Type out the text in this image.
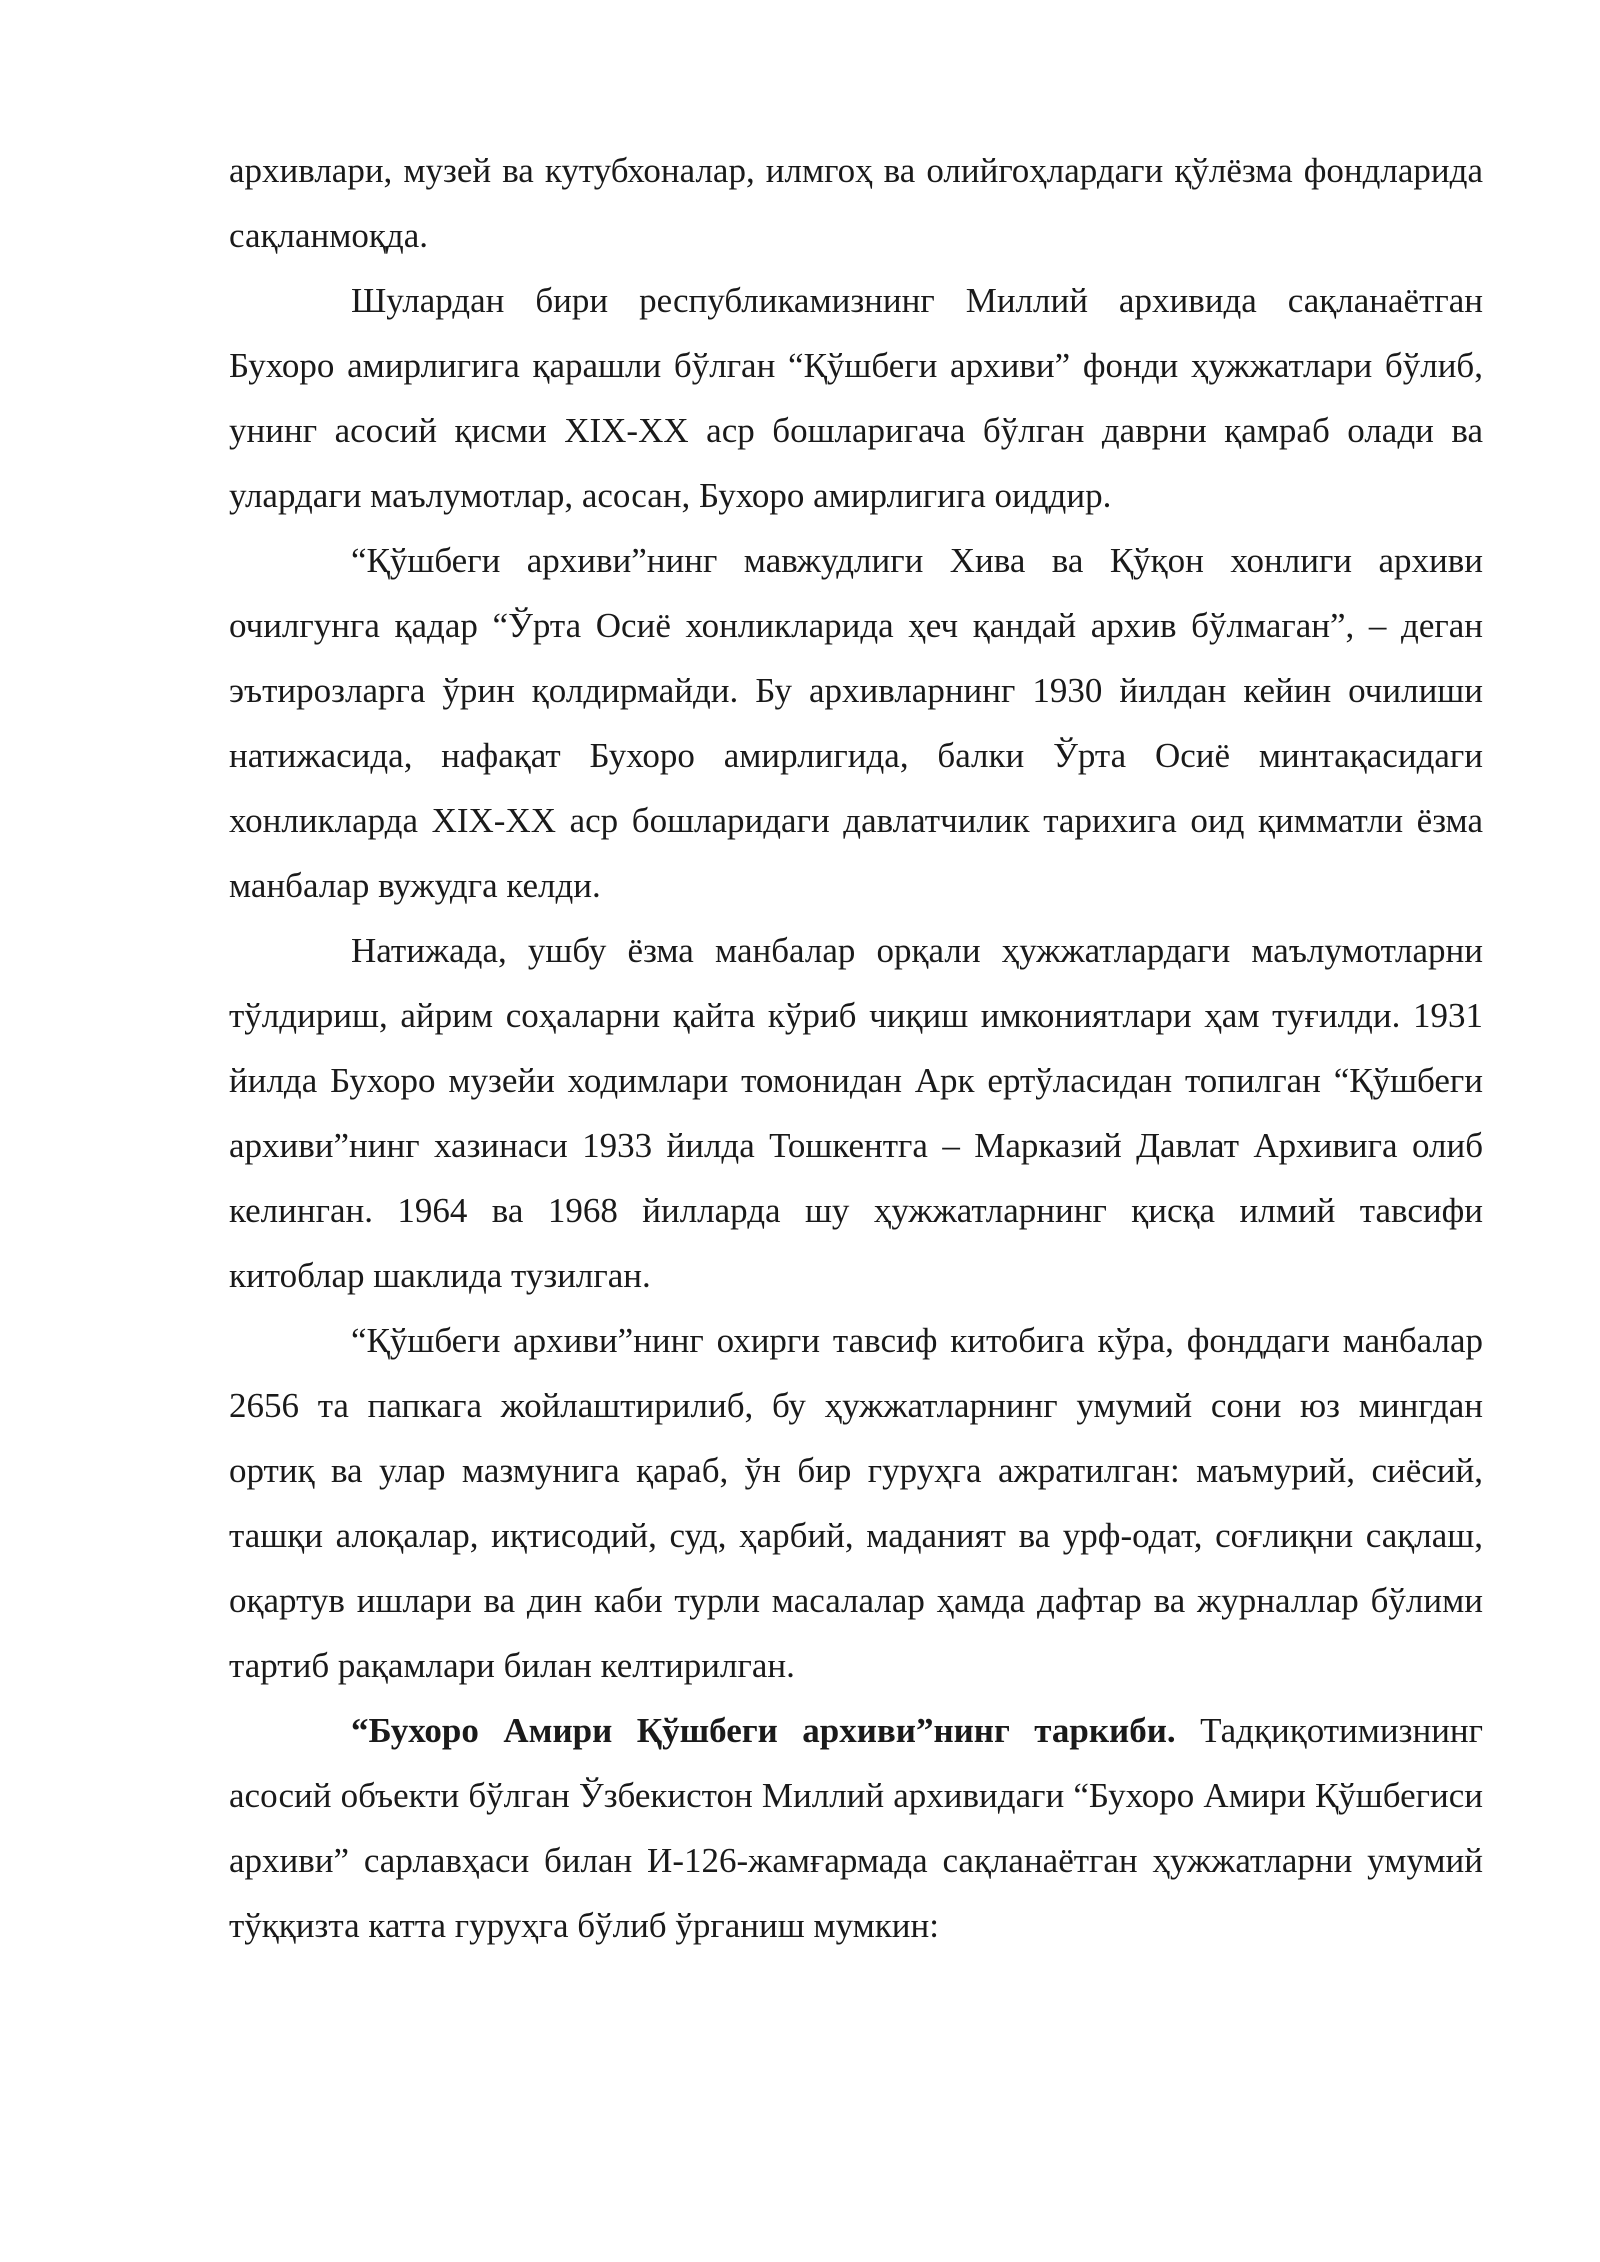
архивлари, музей ва кутубхоналар, илмгоҳ ва олийгоҳлардаги қўлёзма фондларида сақланмоқда.

Шулардан бири республикамизнинг Миллий архивида сақланаётган Бухоро амирлигига қарашли бўлган “Қўшбеги архиви” фонди ҳужжатлари бўлиб, унинг асосий қисми XIX-XX аср бошларигача бўлган даврни қамраб олади ва улардаги маълумотлар, асосан, Бухоро амирлигига оиддир.

“Қўшбеги архиви”нинг мавжудлиги Хива ва Қўқон хонлиги архиви очилгунга қадар “Ўрта Осиё хонликларида ҳеч қандай архив бўлмаган”, – деган эътирозларга ўрин қолдирмайди. Бу архивларнинг 1930 йилдан кейин очилиши натижасида, нафақат Бухоро амирлигида, балки Ўрта Осиё минтақасидаги хонликларда XIX-XX аср бошларидаги давлатчилик тарихига оид қимматли ёзма манбалар вужудга келди.

Натижада, ушбу ёзма манбалар орқали ҳужжатлардаги маълумотларни тўлдириш, айрим соҳаларни қайта кўриб чиқиш имкониятлари ҳам туғилди. 1931 йилда Бухоро музейи ходимлари томонидан Арк ертўласидан топилган “Қўшбеги архиви”нинг хазинаси 1933 йилда Тошкентга – Марказий Давлат Архивига олиб келинган. 1964 ва 1968 йилларда шу ҳужжатларнинг қисқа илмий тавсифи китоблар шаклида тузилган.

“Қўшбеги архиви”нинг охирги тавсиф китобига кўра, фонддаги манбалар 2656 та папкага жойлаштирилиб, бу ҳужжатларнинг умумий сони юз мингдан ортиқ ва улар мазмунига қараб, ўн бир гуруҳга ажратилган: маъмурий, сиёсий, ташқи алоқалар, иқтисодий, суд, ҳарбий, маданият ва урф-одат, соғлиқни сақлаш, оқартув ишлари ва дин каби турли масалалар ҳамда дафтар ва журналлар бўлими тартиб рақамлари билан келтирилган.

“Бухоро Амири Қўшбеги архиви”нинг таркиби. Тадқиқотимизнинг асосий объекти бўлган Ўзбекистон Миллий архивидаги “Бухоро Амири Қўшбегиси архиви” сарлавҳаси билан И-126-жамғармада сақланаётган ҳужжатларни умумий тўққизта катта гуруҳга бўлиб ўрганиш мумкин:
